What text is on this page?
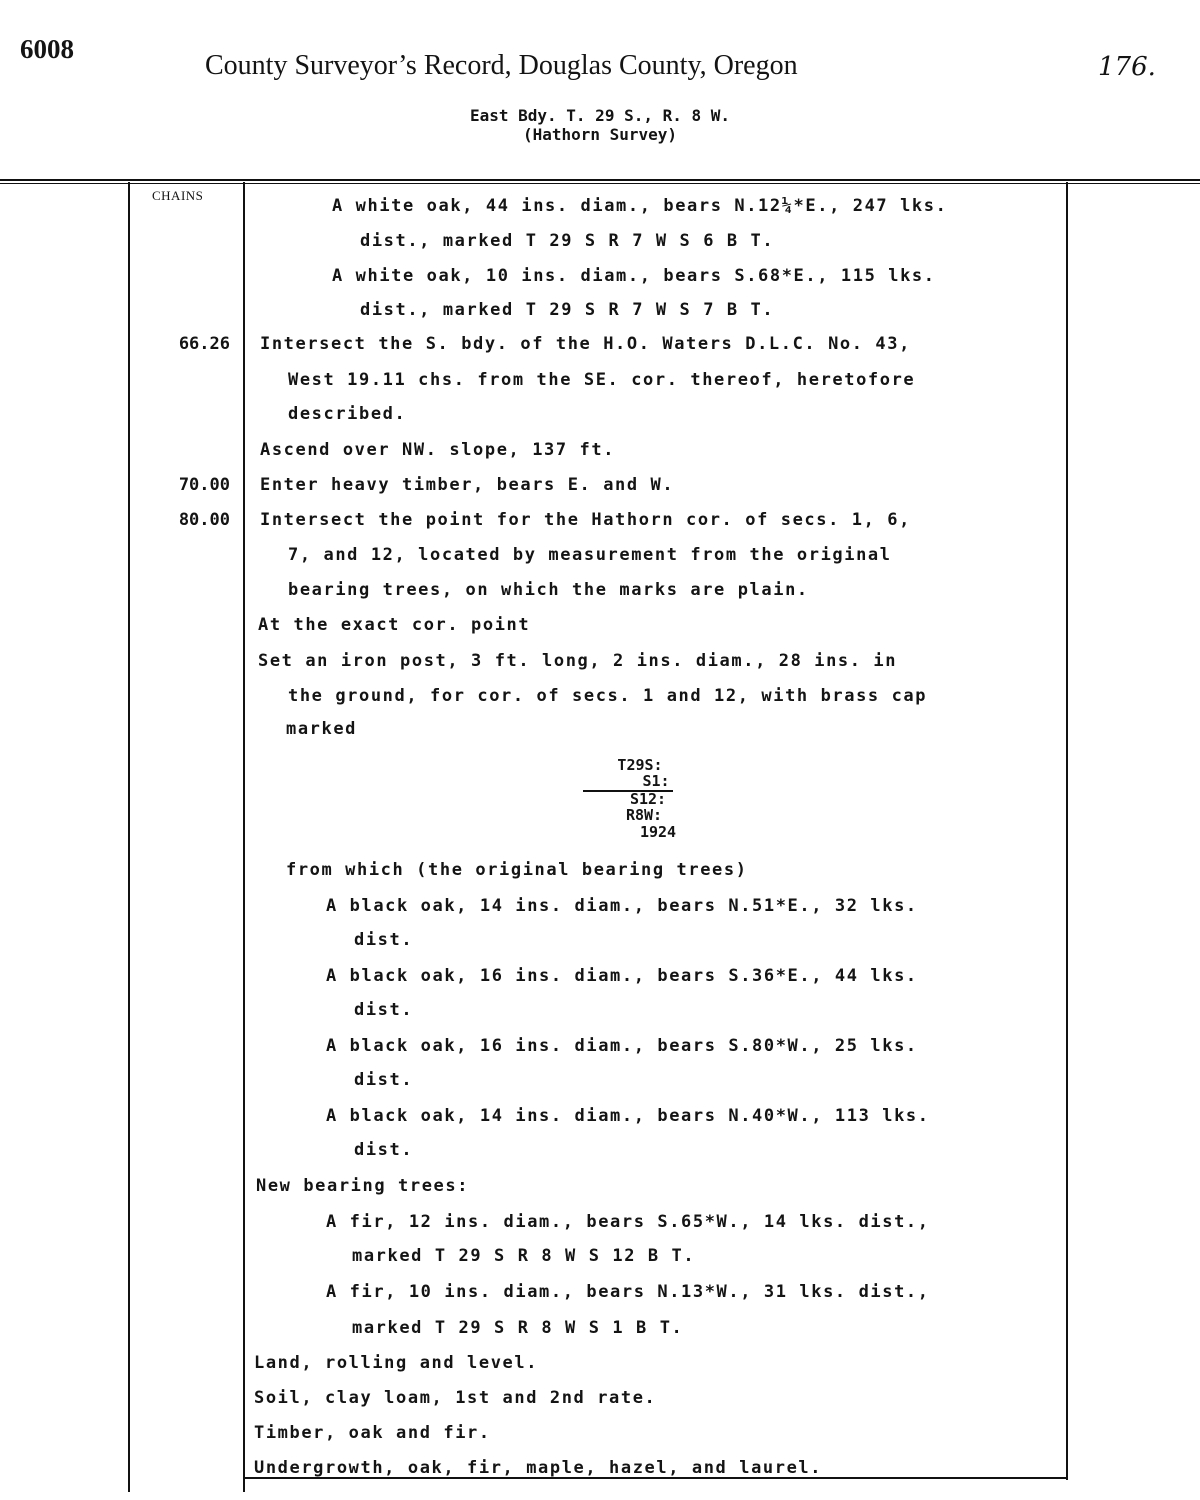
6008
County Surveyor’s Record, Douglas County, Oregon	176.
East Bdy. T. 29 S., R. 8 W.
(Hathorn Survey)
CHAINS
66.26
70.00
80.00
A white oak, 44 ins. diam., bears N.12¼*E., 247 lks.
dist., marked T 29 S R 7 W S 6 B T.
A white oak, 10 ins. diam., bears S.68*E., 115 lks.
dist., marked T 29 S R 7 W S 7 B T.
Intersect the S. bdy. of the H.O. Waters D.L.C. No. 43,
West 19.11 chs. from the SE. cor. thereof, heretofore
described.
Ascend over NW. slope, 137 ft.
Enter heavy timber, bears E. and W.
Intersect the point for the Hathorn cor. of secs. 1, 6,
7, and 12, located by measurement from the original
bearing trees, on which the marks are plain.
At the exact cor. point
Set an iron post, 3 ft. long, 2 ins. diam., 28 ins. in
the ground, for cor. of secs. 1 and 12, with brass cap
marked
T29S:
S1:
S12:
R8W:
1924
from which (the original bearing trees)
A black oak, 14 ins. diam., bears N.51*E., 32 lks.
dist.
A black oak, 16 ins. diam., bears S.36*E., 44 lks.
dist.
A black oak, 16 ins. diam., bears S.80*W., 25 lks.
dist.
A black oak, 14 ins. diam., bears N.40*W., 113 lks.
dist.
New bearing trees:
A fir, 12 ins. diam., bears S.65*W., 14 lks. dist.,
marked T 29 S R 8 W S 12 B T.
A fir, 10 ins. diam., bears N.13*W., 31 lks. dist.,
marked T 29 S R 8 W S 1 B T.
Land, rolling and level.
Soil, clay loam, 1st and 2nd rate.
Timber, oak and fir.
Undergrowth, oak, fir, maple, hazel, and laurel.
